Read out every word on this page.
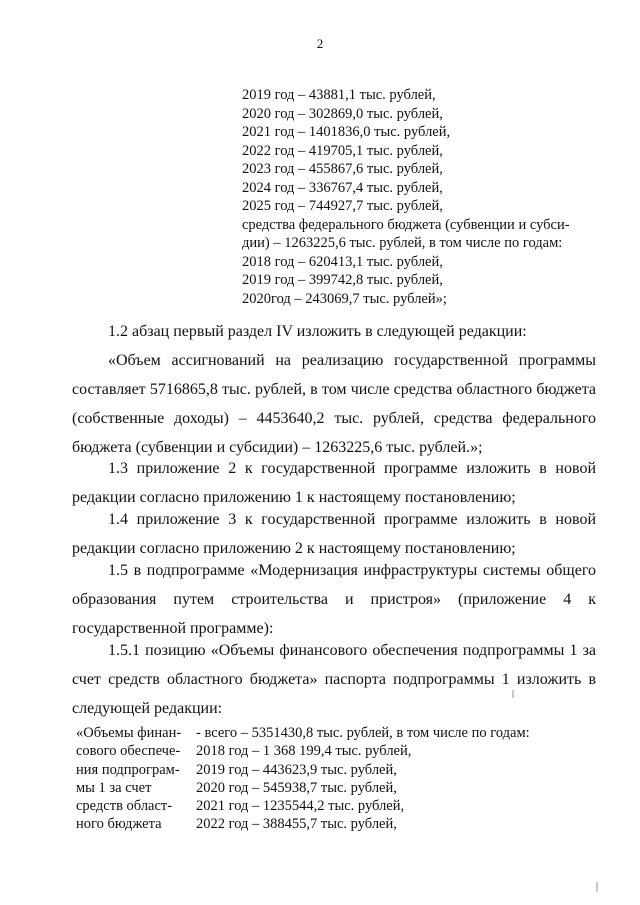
2
2019 год – 43881,1 тыс. рублей,
2020 год – 302869,0 тыс. рублей,
2021 год – 1401836,0 тыс. рублей,
2022 год – 419705,1 тыс. рублей,
2023 год – 455867,6 тыс. рублей,
2024 год – 336767,4 тыс. рублей,
2025 год – 744927,7 тыс. рублей,
средства федерального бюджета (субвенции и субси-
дии) – 1263225,6 тыс. рублей, в том числе по годам:
2018 год – 620413,1 тыс. рублей,
2019 год – 399742,8 тыс. рублей,
2020год – 243069,7 тыс. рублей»;
1.2 абзац первый раздел IV изложить в следующей редакции:
«Объем ассигнований на реализацию государственной программы
составляет 5716865,8 тыс. рублей, в том числе средства областного бюджета (собственные доходы) – 4453640,2 тыс. рублей, средства федерального бюджета (субвенции и субсидии) – 1263225,6 тыс. рублей.»;
1.3 приложение 2 к государственной программе изложить в новой редакции согласно приложению 1 к настоящему постановлению;
1.4 приложение 3 к государственной программе изложить в новой редакции согласно приложению 2 к настоящему постановлению;
1.5 в подпрограмме «Модернизация инфраструктуры системы общего образования путем строительства и пристроя» (приложение 4 к государственной программе):
1.5.1 позицию «Объемы финансового обеспечения подпрограммы 1 за счет средств областного бюджета» паспорта подпрограммы 1 изложить в следующей редакции:
«Объемы финан-
сового обеспече-
ния подпрограм-
мы 1 за счет
средств област-
ного бюджета
- всего – 5351430,8 тыс. рублей, в том числе по годам:
2018 год – 1 368 199,4 тыс. рублей,
2019 год – 443623,9 тыс. рублей,
2020 год – 545938,7 тыс. рублей,
2021 год – 1235544,2 тыс. рублей,
2022 год – 388455,7 тыс. рублей,
